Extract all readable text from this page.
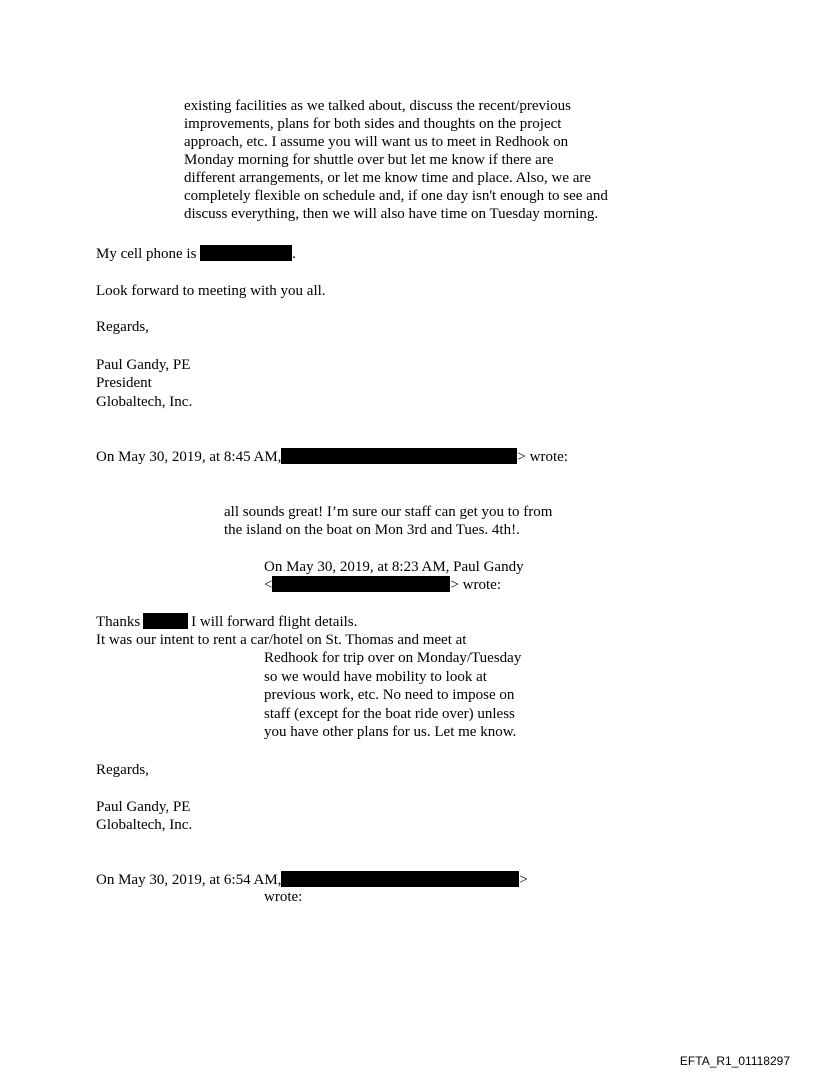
existing facilities as we talked about, discuss the recent/previous

improvements, plans for both sides and thoughts on the project

approach, etc. I assume you will want us to meet in Redhook on

Monday morning for shuttle over but let me know if there are

different arrangements, or let me know time and place. Also, we are

completely flexible on schedule and, if one day isn't enough to see and

discuss everything, then we will also have time on Tuesday morning.

My cell phone is	.

Look forward to meeting with you all.

Regards,

Paul Gandy, PE

President

Globaltech, Inc.

On May 30, 2019, at 8:45 AM,	> wrote:

all sounds great! I’m sure our staff can get you to from

the island on the boat on Mon 3rd and Tues. 4th!.

On May 30, 2019, at 8:23 AM, Paul Gandy

<	> wrote:

Thanks	I will forward flight details.

It was our intent to rent a car/hotel on St. Thomas and meet at

Redhook for trip over on Monday/Tuesday

so we would have mobility to look at

previous work, etc. No need to impose on

staff (except for the boat ride over) unless

you have other plans for us. Let me know.

Regards,

Paul Gandy, PE

Globaltech, Inc.

On May 30, 2019, at 6:54 AM,	>

wrote:

EFTA_R1_01118297
